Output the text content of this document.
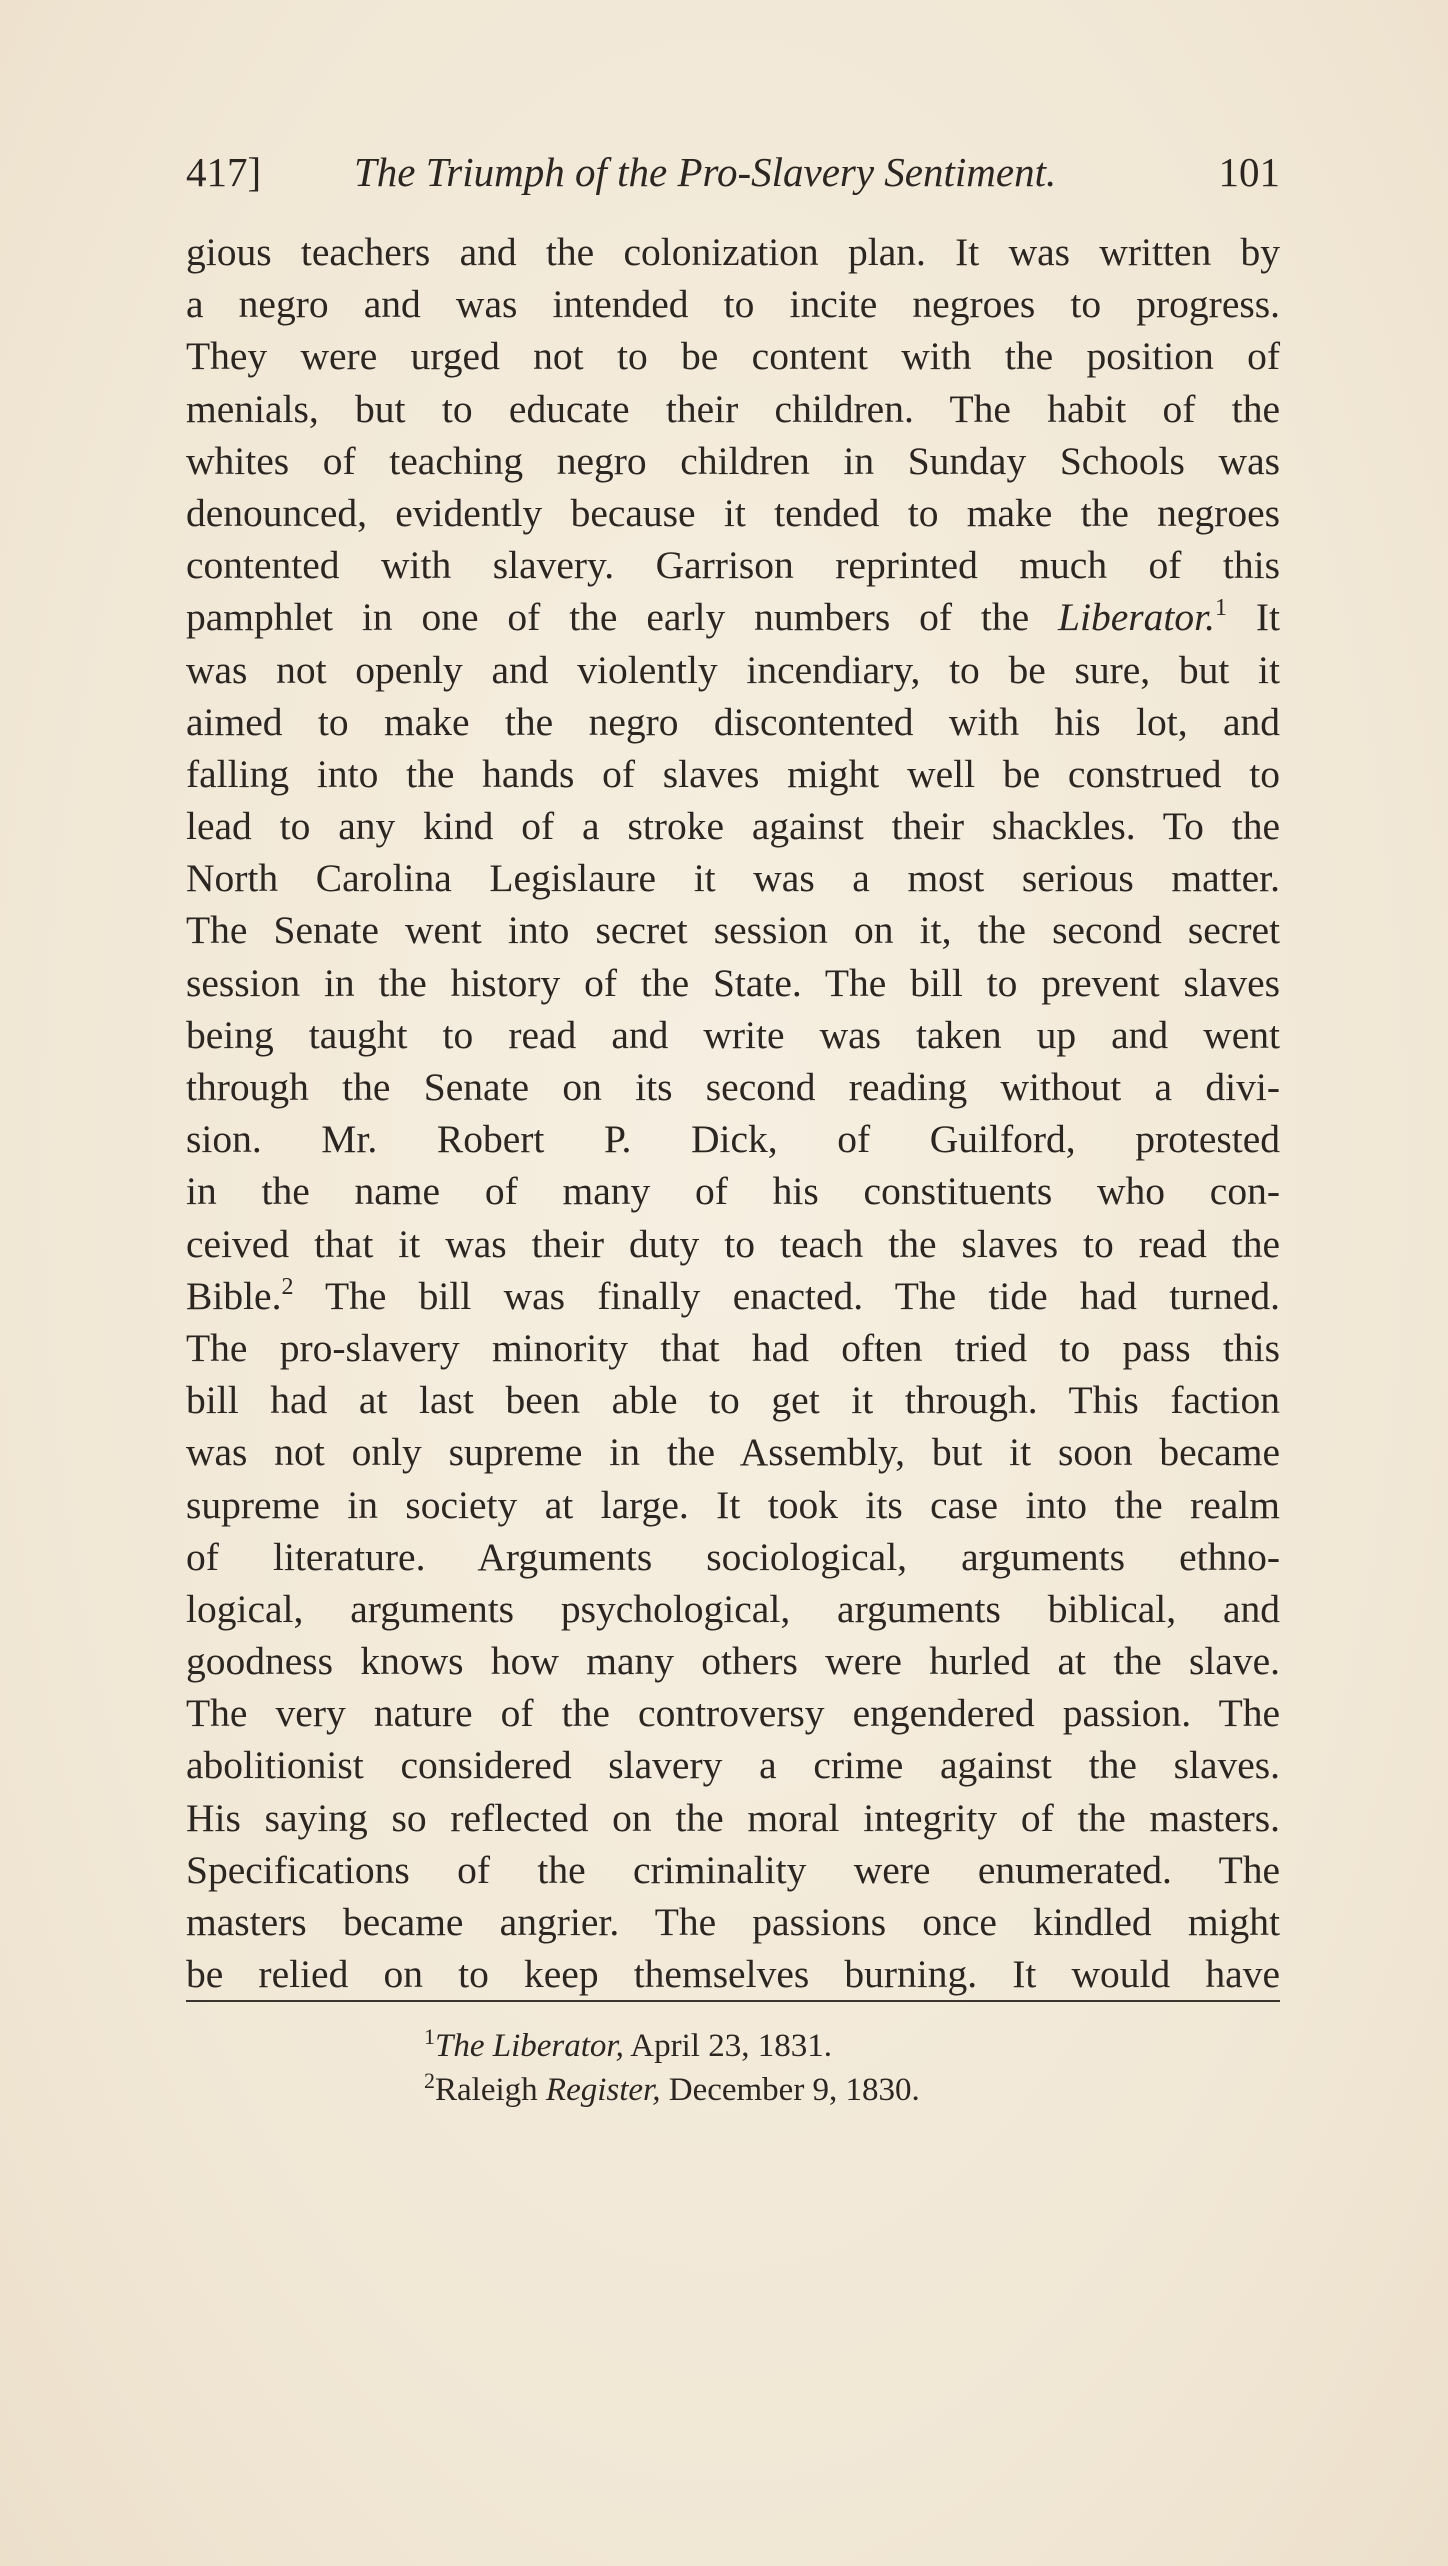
417] The Triumph of the Pro-Slavery Sentiment.	101
gious teachers and the colonization plan. It was written by
a negro and was intended to incite negroes to progress.
They were urged not to be content with the position of
menials, but to educate their children. The habit of the
whites of teaching negro children in Sunday Schools was
denounced, evidently because it tended to make the negroes
contented with slavery. Garrison reprinted much of this
pamphlet in one of the early numbers of the Liberator.$^1$ It
was not openly and violently incendiary, to be sure, but it
aimed to make the negro discontented with his lot, and
falling into the hands of slaves might well be construed to
lead to any kind of a stroke against their shackles. To the
North Carolina Legislaure it was a most serious matter.
The Senate went into secret session on it, the second secret
session in the history of the State. The bill to prevent slaves
being taught to read and write was taken up and went
through the Senate on its second reading without a divi-
sion. Mr. Robert P. Dick, of Guilford, protested
in the name of many of his constituents who con-
ceived that it was their duty to teach the slaves to read the
Bible.$^2$ The bill was finally enacted. The tide had turned.
The pro-slavery minority that had often tried to pass this
bill had at last been able to get it through. This faction
was not only supreme in the Assembly, but it soon became
supreme in society at large. It took its case into the realm
of literature. Arguments sociological, arguments ethno-
logical, arguments psychological, arguments biblical, and
goodness knows how many others were hurled at the slave.
The very nature of the controversy engendered passion. The
abolitionist considered slavery a crime against the slaves.
His saying so reflected on the moral integrity of the masters.
Specifications of the criminality were enumerated. The
masters became angrier. The passions once kindled might
be relied on to keep themselves burning. It would have
$^1$The Liberator, April 23, 1831.
$^2$Raleigh Register, December 9, 1830.
